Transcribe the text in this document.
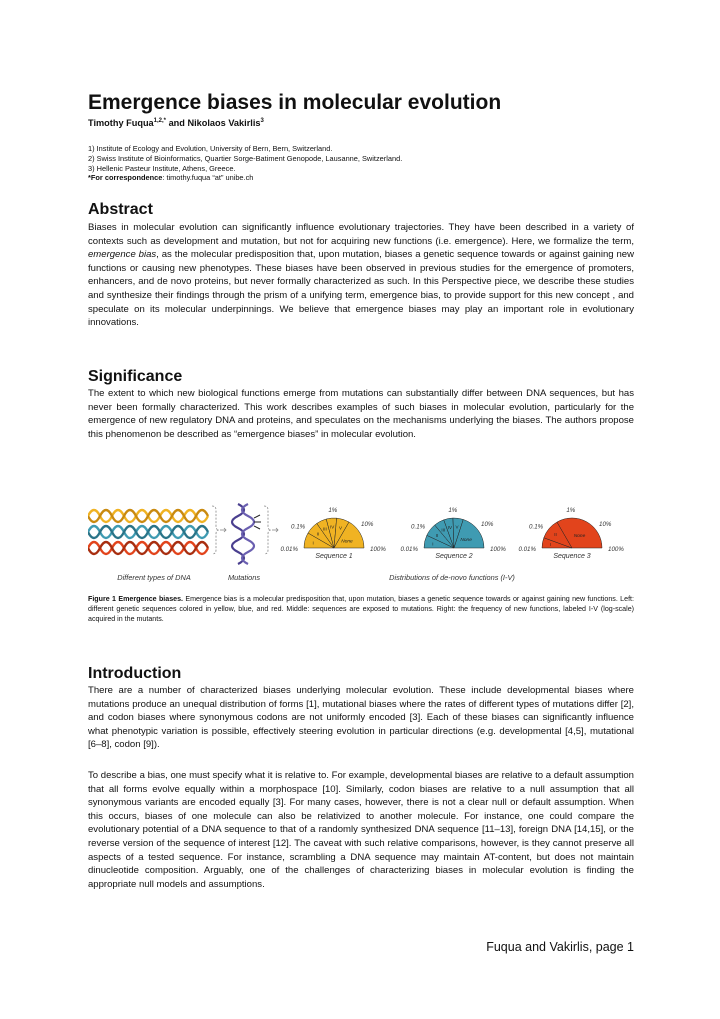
Emergence biases in molecular evolution
Timothy Fuqua$^{1,2,*}$ and Nikolaos Vakirlis$^3$
1) Institute of Ecology and Evolution, University of Bern, Bern, Switzerland.
2) Swiss Institute of Bioinformatics, Quartier Sorge-Batiment Genopode, Lausanne, Switzerland.
3) Hellenic Pasteur Institute, Athens, Greece.
*For correspondence: timothy.fuqua “at” unibe.ch
Abstract

Biases in molecular evolution can significantly influence evolutionary trajectories. They have been described in a variety of contexts such as development and mutation, but not for acquiring new functions (i.e. emergence). Here, we formalize the term, emergence bias, as the molecular predisposition that, upon mutation, biases a genetic sequence towards or against gaining new functions or causing new phenotypes. These biases have been observed in previous studies for the emergence of promoters, enhancers, and de novo proteins, but never formally characterized as such. In this Perspective piece, we describe these studies and synthesize their findings through the prism of a unifying term, emergence bias, to provide support for this new concept , and speculate on its molecular underpinnings. We believe that emergence biases may play an important role in evolutionary innovations.

Significance

The extent to which new biological functions emerge from mutations can substantially differ between DNA sequences, but has never been formally characterized. This work describes examples of such biases in molecular evolution, particularly for the emergence of new regulatory DNA and proteins, and speculates on the mechanisms underlying the biases. The authors propose this phenomenon be described as “emergence biases” in molecular evolution.

I
II
III IV V
None
0.01%
0.1%
1%
10%
100%
Sequence 1
I
II
III IV V
None
0.01%
0.1%
1%
10%
100%
Sequence 2
I
II	None
0.01%
0.1%
1%
10%
100%
Sequence 3
Different types of DNA	Mutations	Distributions of de-novo functions (I-V)

Figure 1 Emergence biases. Emergence bias is a molecular predisposition that, upon mutation, biases a genetic sequence towards or against gaining new functions. Left: different genetic sequences colored in yellow, blue, and red. Middle: sequences are exposed to mutations. Right: the frequency of new functions, labeled I-V (log-scale) acquired in the mutants.

Introduction

There are a number of characterized biases underlying molecular evolution. These include developmental biases where mutations produce an unequal distribution of forms [1], mutational biases where the rates of different types of mutations differ [2], and codon biases where synonymous codons are not uniformly encoded [3]. Each of these biases can significantly influence what phenotypic variation is possible, effectively steering evolution in particular directions (e.g. developmental [4,5], mutational [6–8], codon [9]).

To describe a bias, one must specify what it is relative to. For example, developmental biases are relative to a default assumption that all forms evolve equally within a morphospace [10]. Similarly, codon biases are relative to a null assumption that all synonymous variants are encoded equally [3]. For many cases, however, there is not a clear null or default assumption. When this occurs, biases of one molecule can also be relativized to another molecule. For instance, one could compare the evolutionary potential of a DNA sequence to that of a randomly synthesized DNA sequence [11–13], foreign DNA [14,15], or the reverse version of the sequence of interest [12]. The caveat with such relative comparisons, however, is they cannot preserve all aspects of a tested sequence. For instance, scrambling a DNA sequence may maintain AT-content, but does not maintain dinucleotide composition. Arguably, one of the challenges of characterizing biases in molecular evolution is finding the appropriate null models and assumptions.

Fuqua and Vakirlis, page 1
